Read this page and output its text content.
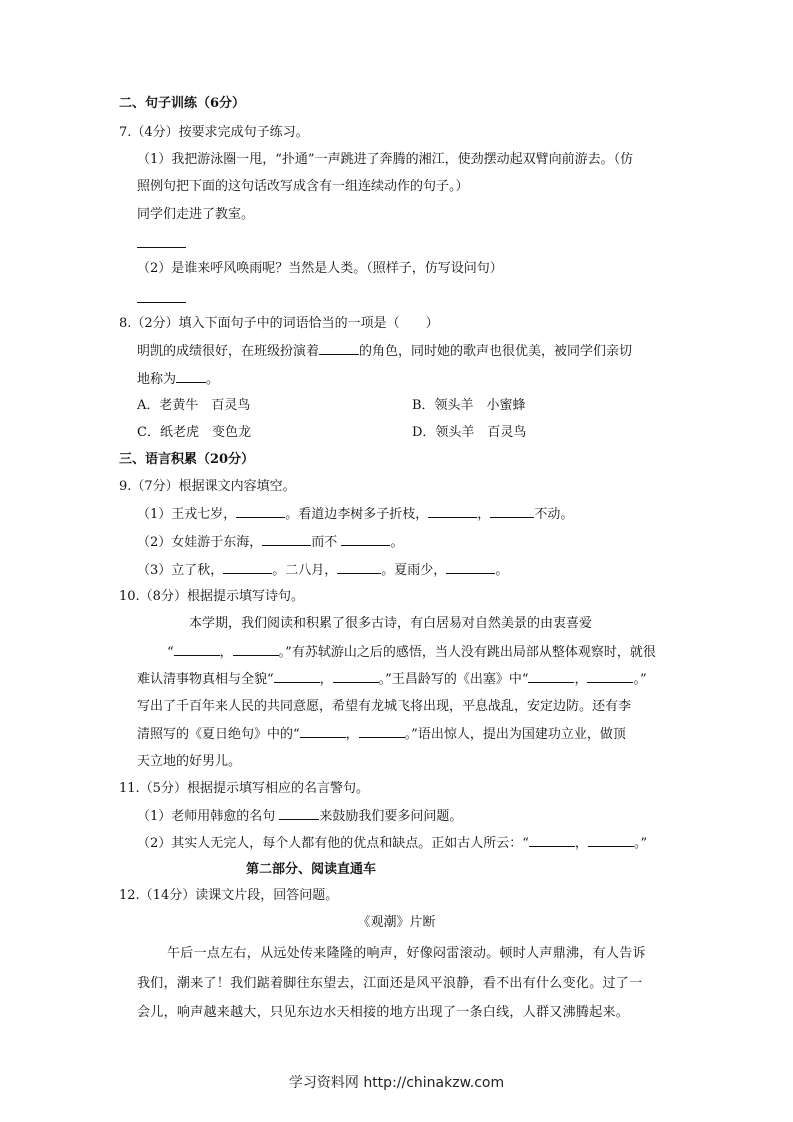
二、句子训练（6分）
7.（4分）按要求完成句子练习。
（1）我把游泳圈一甩，“扑通”一声跳进了奔腾的湘江，使劲摆动起双臂向前游去。（仿
照例句把下面的这句话改写成含有一组连续动作的句子。）
同学们走进了教室。
（2）是谁来呼风唤雨呢？当然是人类。（照样子，仿写设问句）
8.（2分）填入下面句子中的词语恰当的一项是（　　）
明凯的成绩很好，在班级扮演着	的角色，同时她的歌声也很优美，被同学们亲切
地称为 。
A．老黄牛　百灵鸟	B．领头羊　小蜜蜂
C．纸老虎　变色龙	D．领头羊　百灵鸟
三、语言积累（20分）
9.（7分）根据课文内容填空。
（1）王戎七岁，	。看道边李树多子折枝，	，	不动。
（2）女娃游于东海，	而不	。
（3）立了秋，	。二八月，	。夏雨少，	。
10.（8分）根据提示填写诗句。
本学期，我们阅读和积累了很多古诗，有白居易对自然美景的由衷喜爱
“	，	。”有苏轼游山之后的感悟，当人没有跳出局部从整体观察时，就很
难认清事物真相与全貌“	，	。”王昌龄写的《出塞》中“	，	。”
写出了千百年来人民的共同意愿，希望有龙城飞将出现，平息战乱，安定边防。还有李
清照写的《夏日绝句》中的“	，	。”语出惊人，提出为国建功立业，做顶
天立地的好男儿。
11.（5分）根据提示填写相应的名言警句。
（1）老师用韩愈的名句	来鼓励我们要多问问题。
（2）其实人无完人，每个人都有他的优点和缺点。正如古人所云：“	，	。”
第二部分、阅读直通车
12.（14分）读课文片段，回答问题。
《观潮》片断
午后一点左右，从远处传来隆隆的响声，好像闷雷滚动。顿时人声鼎沸，有人告诉
我们，潮来了！我们踮着脚往东望去，江面还是风平浪静，看不出有什么变化。过了一
会儿，响声越来越大，只见东边水天相接的地方出现了一条白线，人群又沸腾起来。
学习资料网 http://chinakzw.com
